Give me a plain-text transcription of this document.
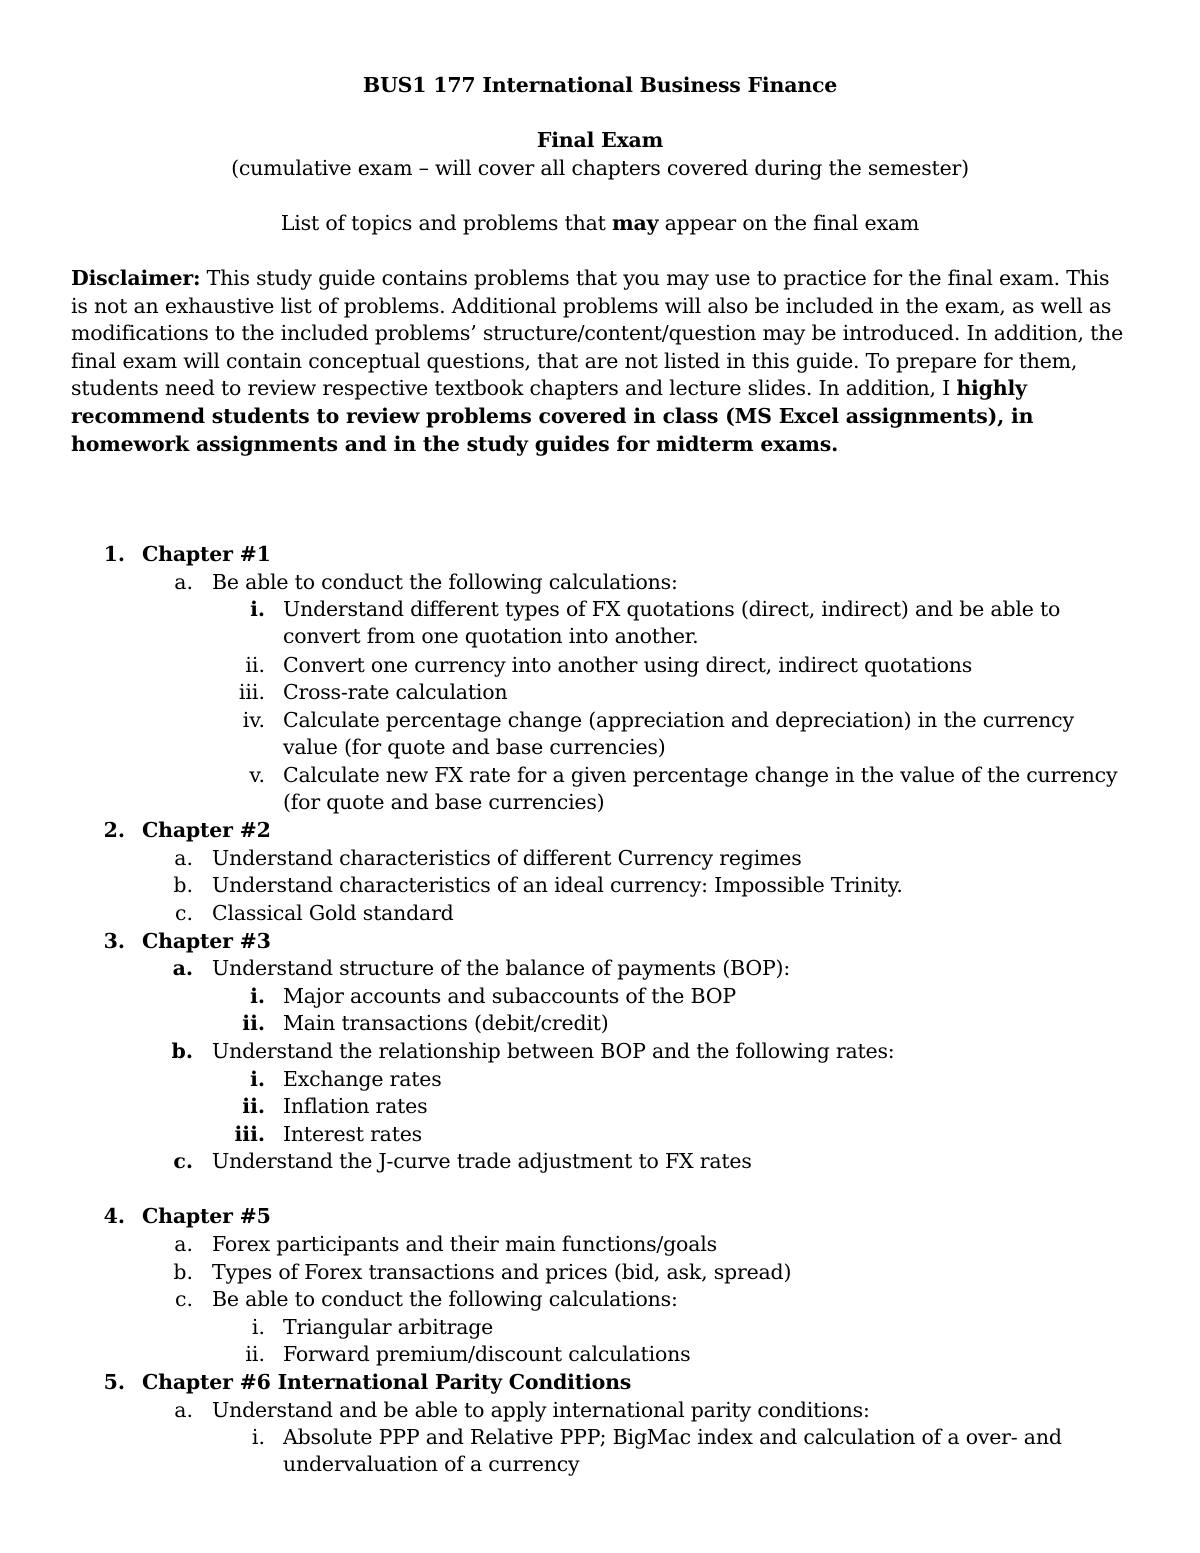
BUS1 177 International Business Finance
Final Exam
(cumulative exam – will cover all chapters covered during the semester)
List of topics and problems that may appear on the final exam
Disclaimer: This study guide contains problems that you may use to practice for the final exam. This is not an exhaustive list of problems. Additional problems will also be included in the exam, as well as modifications to the included problems’ structure/content/question may be introduced. In addition, the final exam will contain conceptual questions, that are not listed in this guide. To prepare for them, students need to review respective textbook chapters and lecture slides. In addition, I highly recommend students to review problems covered in class (MS Excel assignments), in homework assignments and in the study guides for midterm exams.
1. Chapter #1
a. Be able to conduct the following calculations:
i. Understand different types of FX quotations (direct, indirect) and be able to convert from one quotation into another.
ii. Convert one currency into another using direct, indirect quotations
iii. Cross-rate calculation
iv. Calculate percentage change (appreciation and depreciation) in the currency value (for quote and base currencies)
v. Calculate new FX rate for a given percentage change in the value of the currency (for quote and base currencies)
2. Chapter #2
a. Understand characteristics of different Currency regimes
b. Understand characteristics of an ideal currency: Impossible Trinity.
c. Classical Gold standard
3. Chapter #3
a. Understand structure of the balance of payments (BOP):
i. Major accounts and subaccounts of the BOP
ii. Main transactions (debit/credit)
b. Understand the relationship between BOP and the following rates:
i. Exchange rates
ii. Inflation rates
iii. Interest rates
c. Understand the J-curve trade adjustment to FX rates
4. Chapter #5
a. Forex participants and their main functions/goals
b. Types of Forex transactions and prices (bid, ask, spread)
c. Be able to conduct the following calculations:
i. Triangular arbitrage
ii. Forward premium/discount calculations
5. Chapter #6 International Parity Conditions
a. Understand and be able to apply international parity conditions:
i. Absolute PPP and Relative PPP; BigMac index and calculation of a over- and undervaluation of a currency
